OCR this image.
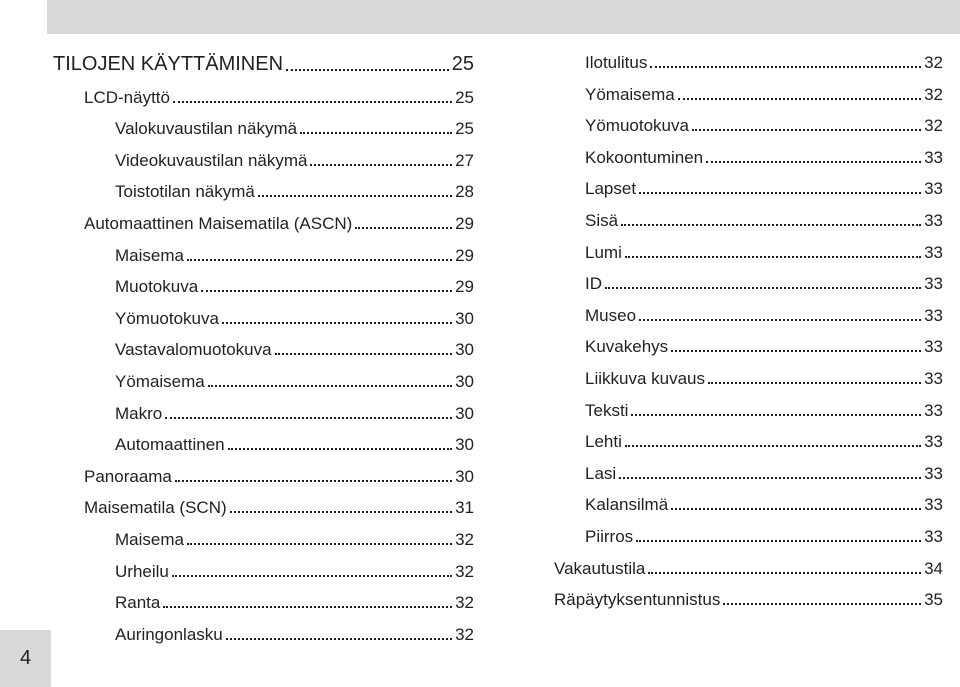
4
TILOJEN KÄYTTÄMINEN	25
LCD-näyttö	25
Valokuvaustilan näkymä	25
Videokuvaustilan näkymä	27
Toistotilan näkymä	28
Automaattinen Maisematila (ASCN)	29
Maisema	29
Muotokuva	29
Yömuotokuva	30
Vastavalomuotokuva	30
Yömaisema	30
Makro	30
Automaattinen	30
Panoraama	30
Maisematila (SCN)	31
Maisema	32
Urheilu	32
Ranta	32
Auringonlasku	32
Ilotulitus	32
Yömaisema	32
Yömuotokuva	32
Kokoontuminen	33
Lapset	33
Sisä	33
Lumi	33
ID	33
Museo	33
Kuvakehys	33
Liikkuva kuvaus	33
Teksti	33
Lehti	33
Lasi	33
Kalansilmä	33
Piirros	33
Vakautustila	34
Räpäytyksentunnistus	35
